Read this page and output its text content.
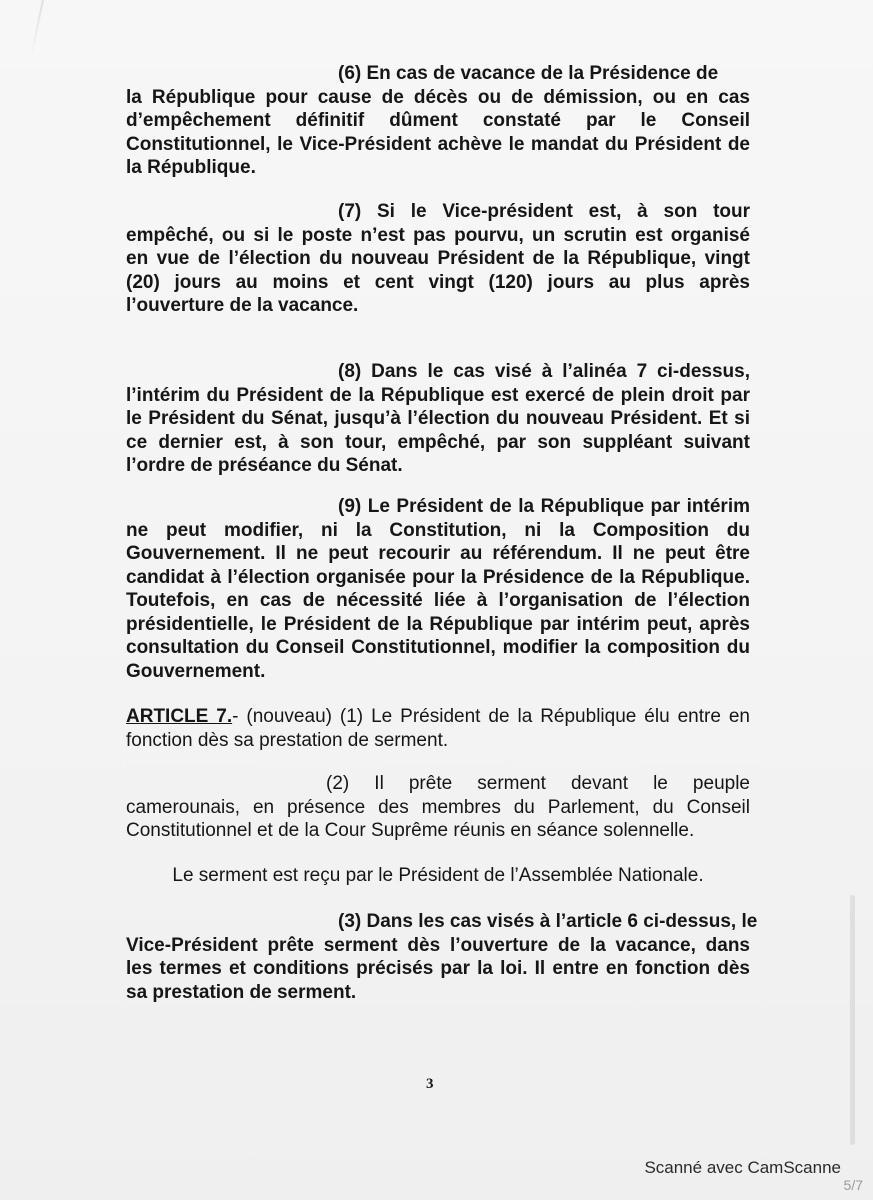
(6) En cas de vacance de la Présidence de
la République pour cause de décès ou de démission, ou en cas
d’empêchement définitif dûment constaté par le Conseil
Constitutionnel, le Vice-Président achève le mandat du Président de
la République.
(7) Si le Vice-président est, à son tour
empêché, ou si le poste n’est pas pourvu, un scrutin est organisé
en vue de l’élection du nouveau Président de la République, vingt
(20) jours au moins et cent vingt (120) jours au plus après
l’ouverture de la vacance.
(8) Dans le cas visé à l’alinéa 7 ci-dessus,
l’intérim du Président de la République est exercé de plein droit par
le Président du Sénat, jusqu’à l’élection du nouveau Président. Et si
ce dernier est, à son tour, empêché, par son suppléant suivant
l’ordre de préséance du Sénat.
(9) Le Président de la République par intérim
ne peut modifier, ni la Constitution, ni la Composition du
Gouvernement. Il ne peut recourir au référendum. Il ne peut être
candidat à l’élection organisée pour la Présidence de la République.
Toutefois, en cas de nécessité liée à l’organisation de l’élection
présidentielle, le Président de la République par intérim peut, après
consultation du Conseil Constitutionnel, modifier la composition du
Gouvernement.
ARTICLE 7.- (nouveau) (1) Le Président de la République élu entre en
fonction dès sa prestation de serment.
(2) Il prête serment devant le peuple
camerounais, en présence des membres du Parlement, du Conseil
Constitutionnel et de la Cour Suprême réunis en séance solennelle.
Le serment est reçu par le Président de l’Assemblée Nationale.
(3) Dans les cas visés à l’article 6 ci-dessus, le
Vice-Président prête serment dès l’ouverture de la vacance, dans
les termes et conditions précisés par la loi. Il entre en fonction dès
sa prestation de serment.
3
Scanné avec CamScanne
5/7
